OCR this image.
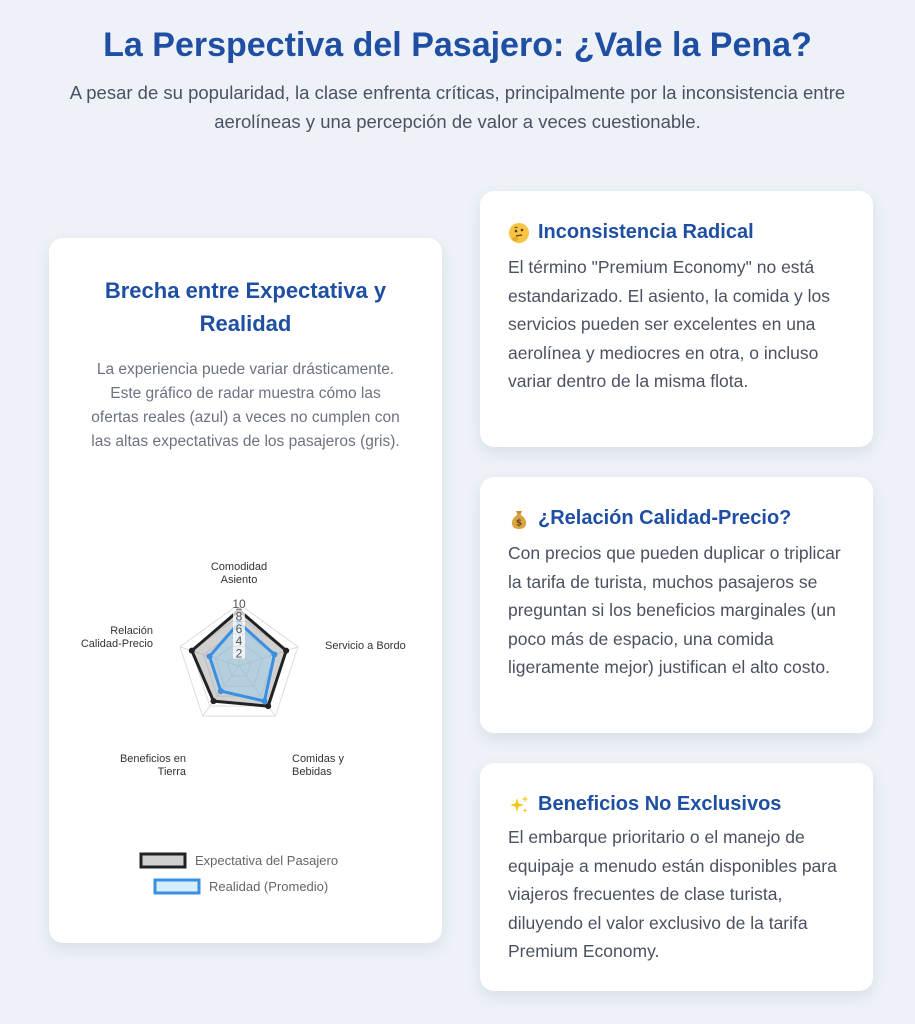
La Perspectiva del Pasajero: ¿Vale la Pena?

A pesar de su popularidad, la clase enfrenta críticas, principalmente por la inconsistencia entre aerolíneas y una percepción de valor a veces cuestionable.

Brecha entre Expectativa y Realidad

La experiencia puede variar drásticamente. Este gráfico de radar muestra cómo las ofertas reales (azul) a veces no cumplen con las altas expectativas de los pasajeros (gris).

2
4
6
8
10
Comodidad
Asiento
Servicio a Bordo
Comidas y
Bebidas
Beneficios en
Tierra
Relación
Calidad-Precio
Expectativa del Pasajero
Realidad (Promedio)
Inconsistencia Radical

El término "Premium Economy" no está estandarizado. El asiento, la comida y los servicios pueden ser excelentes en una aerolínea y mediocres en otra, o incluso variar dentro de la misma flota.

$ ¿Relación Calidad-Precio?

Con precios que pueden duplicar o triplicar la tarifa de turista, muchos pasajeros se preguntan si los beneficios marginales (un poco más de espacio, una comida ligeramente mejor) justifican el alto costo.

Beneficios No Exclusivos

El embarque prioritario o el manejo de equipaje a menudo están disponibles para viajeros frecuentes de clase turista, diluyendo el valor exclusivo de la tarifa Premium Economy.
